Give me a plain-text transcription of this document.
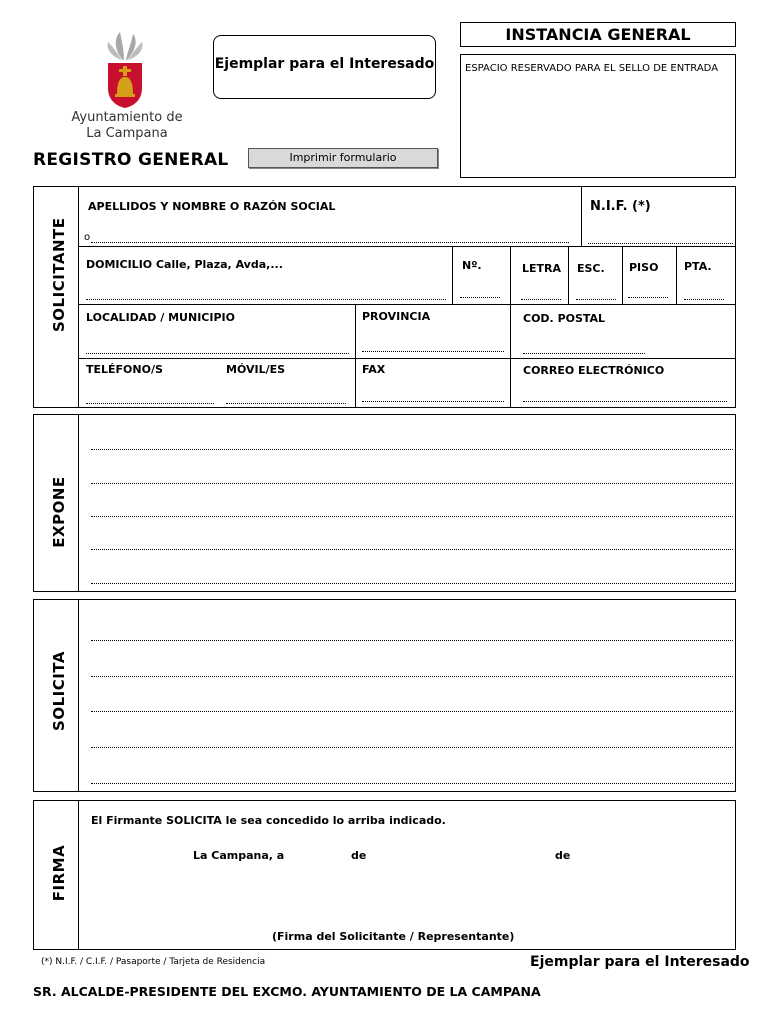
Ayuntamiento de
La Campana
Ejemplar para el Interesado
REGISTRO GENERAL	Imprimir formulario
INSTANCIA GENERAL
ESPACIO RESERVADO PARA EL SELLO DE ENTRADA
SOLICITANTE
APELLIDOS Y NOMBRE O RAZÓN SOCIAL
o
N.I.F. (*)
DOMICILIO Calle, Plaza, Avda,...	Nº.	LETRA ESC. PISO PTA.
LOCALIDAD / MUNICIPIO	PROVINCIA	COD. POSTAL
TELÉFONO/S	MÓVIL/ES	FAX	CORREO ELECTRÓNICO
EXPONE
SOLICITA
FIRMA
El Firmante SOLICITA le sea concedido lo arriba indicado.
La Campana, a	de	de
(Firma del Solicitante / Representante)
(*) N.I.F. / C.I.F. / Pasaporte / Tarjeta de Residencia	Ejemplar para el Interesado
SR. ALCALDE-PRESIDENTE DEL EXCMO. AYUNTAMIENTO DE LA CAMPANA
